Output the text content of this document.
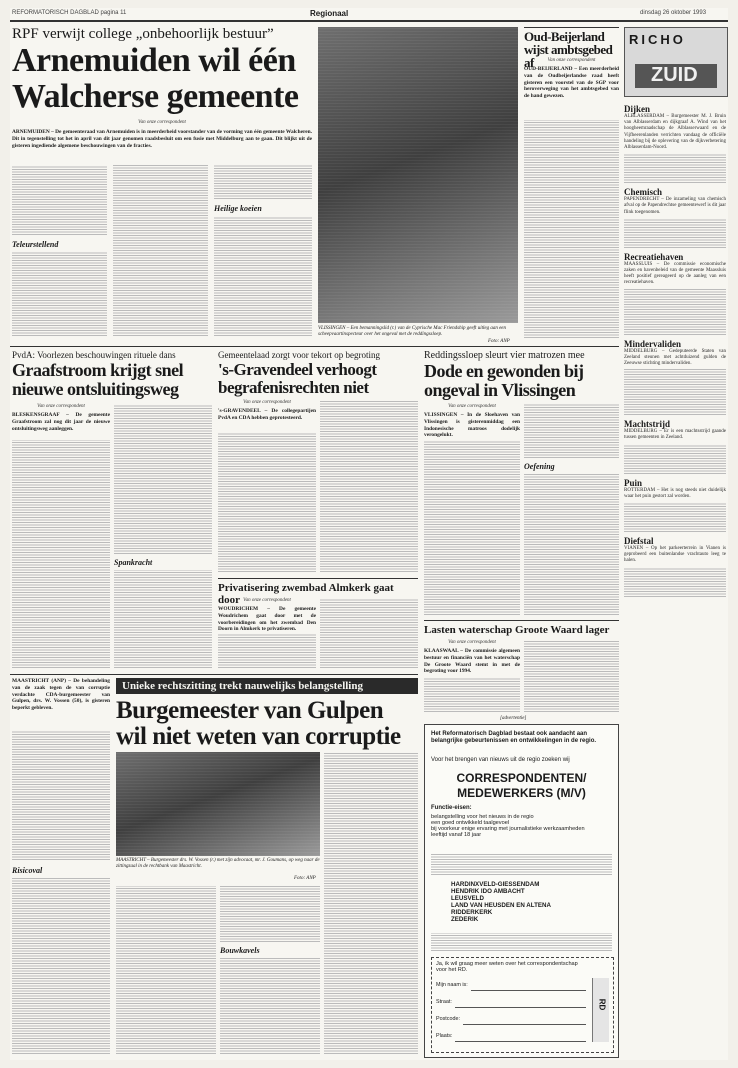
REFORMATORISCH DAGBLAD pagina 11	Regionaal	dinsdag 26 oktober 1993
RPF verwijt college „onbehoorlijk bestuur”
Arnemuiden wil één
Walcherse gemeente
Van onze correspondent
ARNEMUIDEN – De gemeenteraad van Arnemuiden is in meerderheid voorstander van de vorming van één gemeente Walcheren. Dit in tegenstelling tot het in april van dit jaar genomen raadsbesluit om een fusie met Middelburg aan te gaan. Dit blijkt uit de gisteren ingediende algemene beschouwingen van de fracties.
Teleurstellend
Heilige koeien
VLISSINGEN – Een bemanningslid (r.) van de Cyprische Mac Friendship geeft uitleg aan een scheepvaartinspecteur over het ongeval met de reddingssloep.
Foto: ANP
Oud-Beijerland wijst ambtsgebed af	Van onze correspondent
OUD-BEIJERLAND – Een meerderheid van de Oudbeijerlandse raad heeft gisteren een voorstel van de SGP voor heroverweging van het ambtsgebed van de hand gewezen.
RICHO
ZUID
Dijken
ALBLASSERDAM – Burgemeester M. J. Bruin van Alblasserdam en dijkgraaf A. Wind van het hoogheemraadschap de Alblasserwaard en de Vijfheerenlanden verrichten vandaag de officiële handeling bij de oplevering van de dijkverbetering Alblasserdam-Noord.
Chemisch
PAPENDRECHT – De inzameling van chemisch afval op de Papendrechtse gemeentewerf is dit jaar flink toegenomen.
Recreatiehaven
MAASSLUIS – De commissie economische zaken en havenbeleid van de gemeente Maassluis heeft positief gereageerd op de aanleg van een recreatiehaven.
Mindervaliden
MIDDELBURG – Gedeputeerde Staten van Zeeland steunen met achtduizend gulden de Zeeuwse stichting mindervaliden.
Machtstrijd
MIDDELBURG – Er is een machtsstrijd gaande tussen gemeenten in Zeeland.
Puin
ROTTERDAM – Het is nog steeds niet duidelijk waar het puin gestort zal worden.
Diefstal
VIANEN – Op het parkeerterrein in Vianen is geprobeerd een buitenlandse vrachtauto leeg te halen.
PvdA: Voorlezen beschouwingen rituele dans
Graafstroom krijgt snel nieuwe ontsluitingsweg
Van onze correspondent
BLESKENSGRAAF – De gemeente Graafstroom zal nog dit jaar de nieuwe ontsluitingsweg aanleggen.
Spankracht
Gemeentelaad zorgt voor tekort op begroting
's-Gravendeel verhoogt begrafenisrechten niet
Van onze correspondent
's-GRAVENDEEL – De collegepartijen PvdA en CDA hebben geprotesteerd.
Privatisering zwembad Almkerk gaat door Van onze correspondent
WOUDRICHEM – De gemeente Woudrichem gaat door met de voorbereidingen om het zwembad Den Doorn in Almkerk te privatiseren.
Reddingssloep sleurt vier matrozen mee
Dode en gewonden bij ongeval in Vlissingen
Van onze correspondent
VLISSINGEN – In de Sloehaven van Vlissingen is gisterenmiddag een Indonesische matroos dodelijk verongelukt.
Oefening
Lasten waterschap Groote Waard lager
Van onze correspondent
KLAASWAAL – De commissie algemeen bestuur en financiën van het waterschap De Groote Waard stemt in met de begroting voor 1994.
MAASTRICHT (ANP) – De behandeling van de zaak tegen de van corruptie verdachte CDA-burgemeester van Gulpen, drs. W. Vossen (50), is gisteren beperkt gebleven.
Risicoval
Unieke rechtszitting trekt nauwelijks belangstelling
Burgemeester van Gulpen
wil niet weten van corruptie
MAASTRICHT – Burgemeester drs. W. Vossen (r.) met zijn advocaat, mr. J. Goumans, op weg naar de zittingzaal in de rechtbank van Maastricht.
Foto: ANP
Bouwkavels
[advertentie]
Het Reformatorisch Dagblad bestaat ook aandacht aan belangrijke gebeurtenissen en ontwikkelingen in de regio.
Voor het brengen van nieuws uit de regio zoeken wij
CORRESPONDENTEN/
MEDEWERKERS (M/V)
Functie-eisen:
belangstelling voor het nieuws in de regio
een goed ontwikkeld taalgevoel
bij voorkeur enige ervaring met journalistieke werkzaamheden
leeftijd vanaf 18 jaar
HARDINXVELD-GIESSENDAM
HENDRIK IDO AMBACHT
LEUSVELD
LAND VAN HEUSDEN EN ALTENA
RIDDERKERK
ZEDERIK
Ja, ik wil graag meer weten over het correspondentschap voor het RD.
Mijn naam is:
Straat:
Postcode:
Plaats:
RD
